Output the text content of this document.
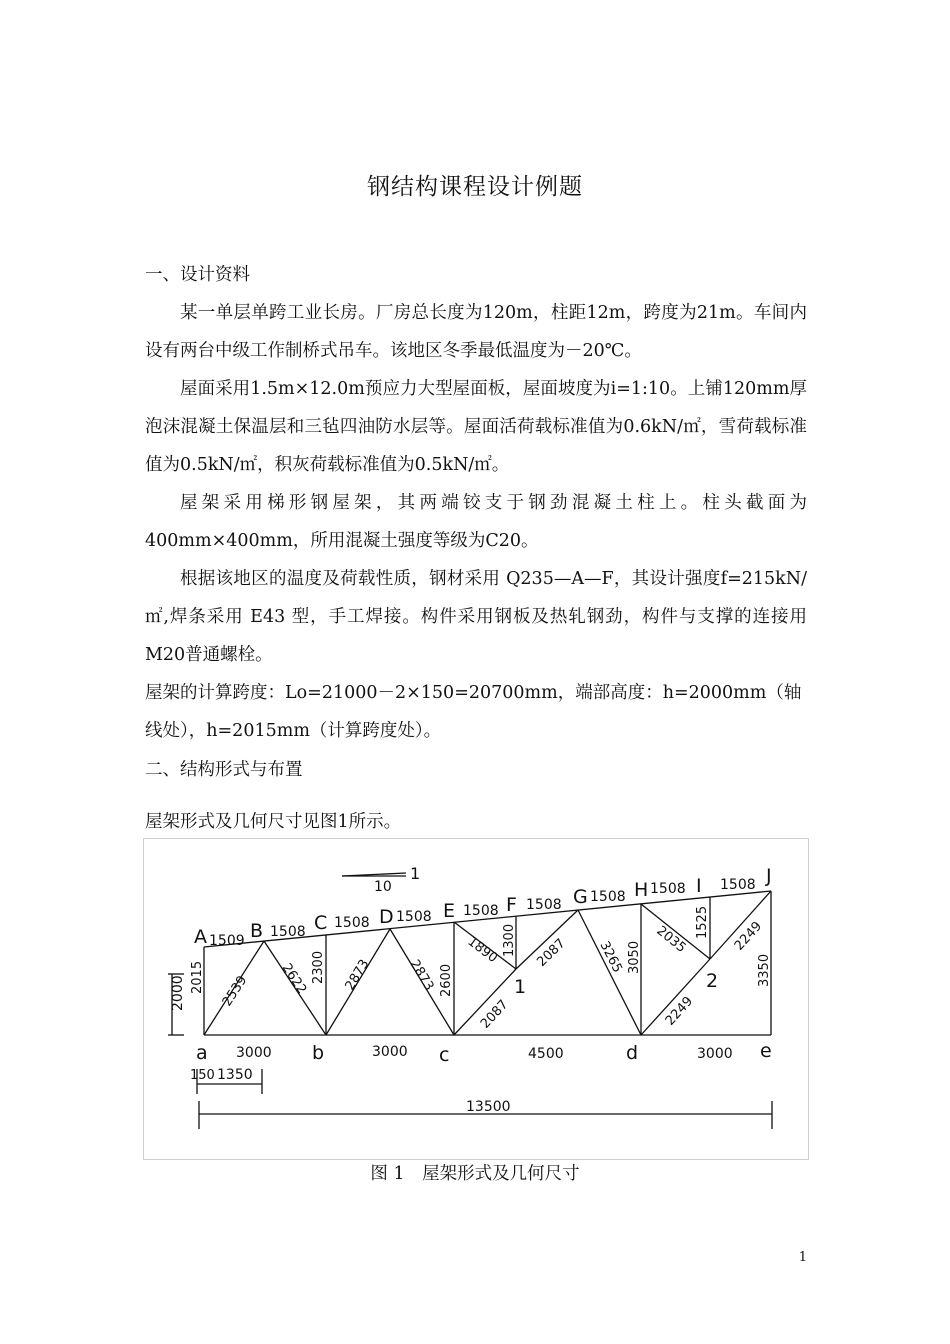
钢结构课程设计例题

一、设计资料

某一单层单跨工业长房。厂房总长度为120m，柱距12m，跨度为21m。车间内设有两台中级工作制桥式吊车。该地区冬季最低温度为－20℃。

屋面采用1.5m×12.0m预应力大型屋面板，屋面坡度为i=1:10。上铺120mm厚泡沫混凝土保温层和三毡四油防水层等。屋面活荷载标准值为0.6kN/㎡，雪荷载标准值为0.5kN/㎡，积灰荷载标准值为0.5kN/㎡。

屋架采用梯形钢屋架，其两端铰支于钢劲混凝土柱上。柱头截面为 400mm×400mm，所用混凝土强度等级为C20。

根据该地区的温度及荷载性质，钢材采用 Q235—A—F，其设计强度f=215kN/㎡,焊条采用 E43 型，手工焊接。构件采用钢板及热轧钢劲，构件与支撑的连接用M20普通螺栓。

屋架的计算跨度：Lo=21000－2×150=20700mm，端部高度：h=2000mm（轴线处），h=2015mm（计算跨度处）。

二、结构形式与布置
屋架形式及几何尺寸见图1所示。
1
10
A B	C	D	E	F	G H	I	J
1509
1508
1508 1508 1508 1508 1508 1508 1508
2015	2300	2600
1300
3050
1525
3350
2539 2622	2873	2873
1890
2087
2087 3265 2035
2249
2249
1	2
a	b	c	d	e
3000	3000	4500	3000
2000
150 1350
13500
图 1　屋架形式及几何尺寸
1
